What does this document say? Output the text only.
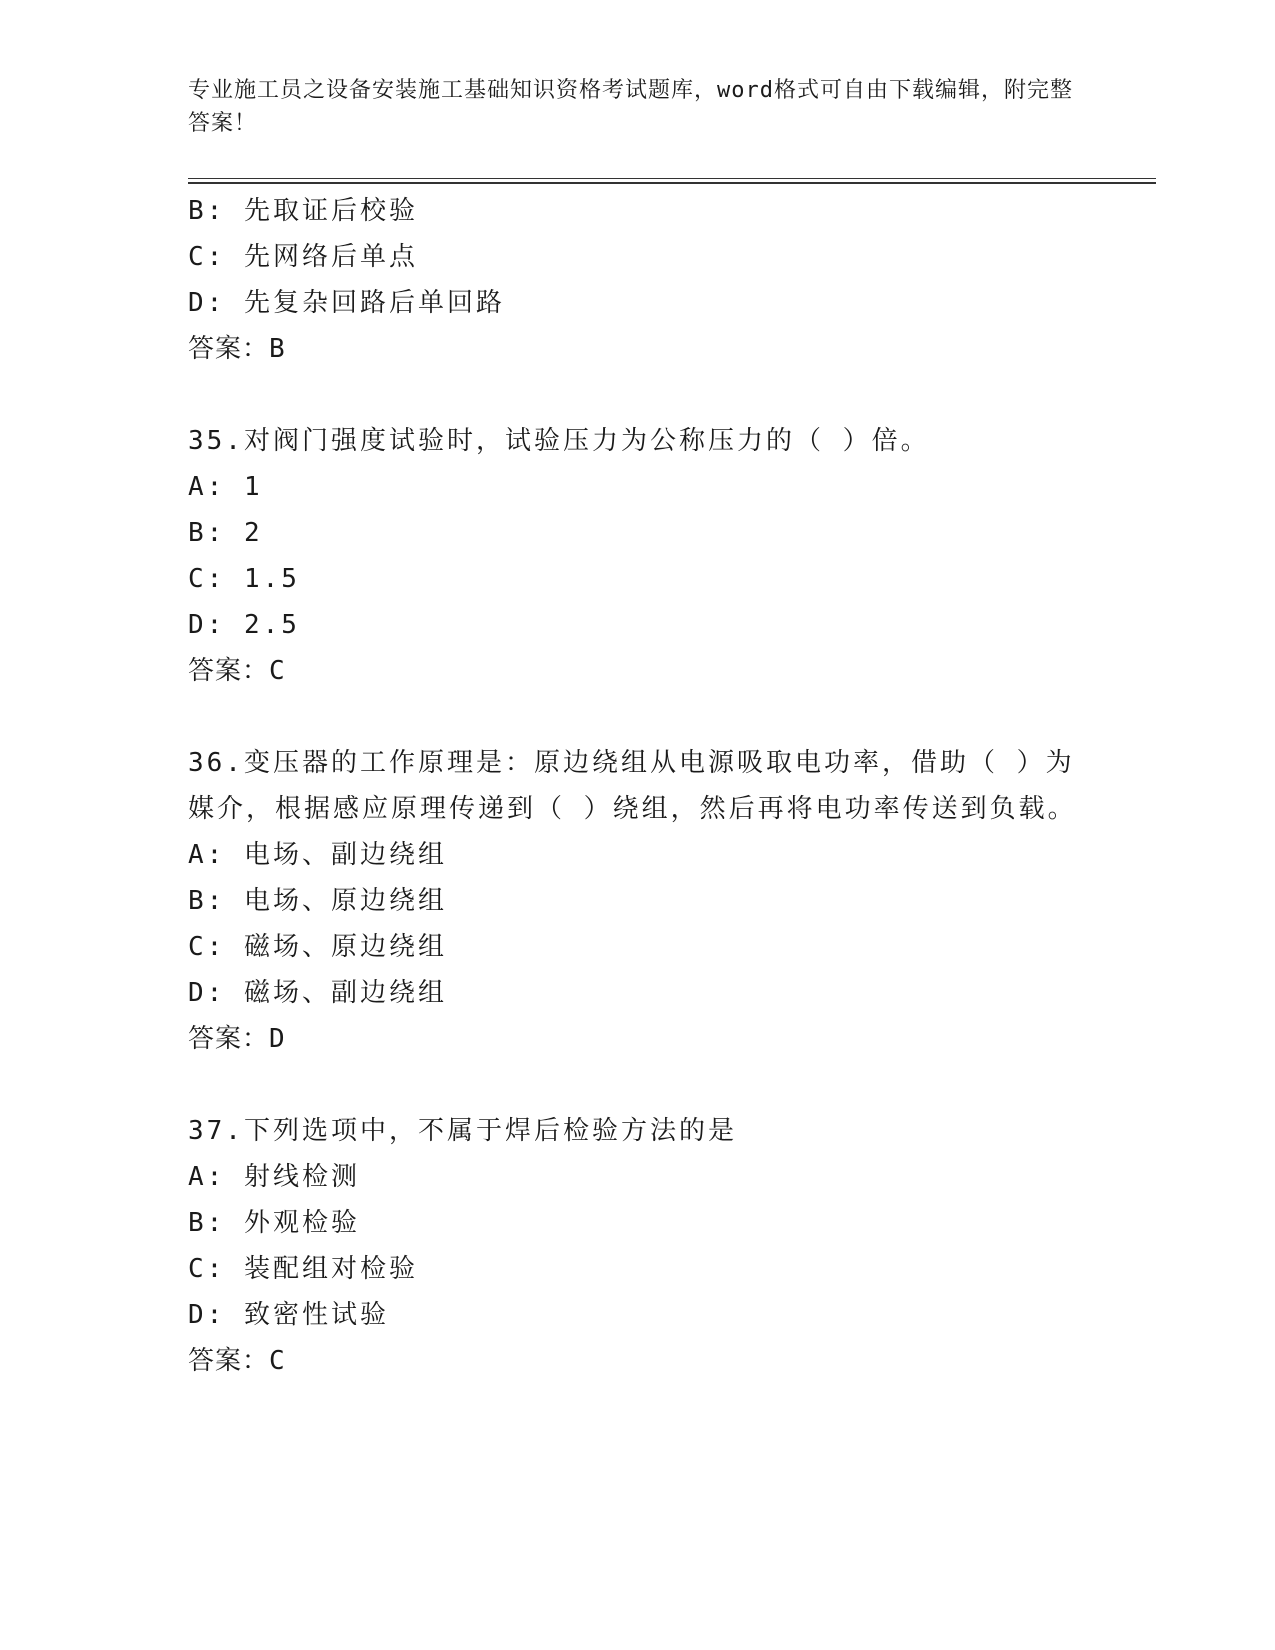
专业施工员之设备安装施工基础知识资格考试题库，word格式可自由下载编辑，附完整答案！
B: 先取证后校验
C: 先网络后单点
D: 先复杂回路后单回路
答案：B
35.对阀门强度试验时，试验压力为公称压力的（ ）倍。
A: 1
B: 2
C: 1.5
D: 2.5
答案：C
36.变压器的工作原理是：原边绕组从电源吸取电功率，借助（ ）为媒介，根据感应原理传递到（ ）绕组，然后再将电功率传送到负载。
A: 电场、副边绕组
B: 电场、原边绕组
C: 磁场、原边绕组
D: 磁场、副边绕组
答案：D
37.下列选项中，不属于焊后检验方法的是
A: 射线检测
B: 外观检验
C: 装配组对检验
D: 致密性试验
答案：C
